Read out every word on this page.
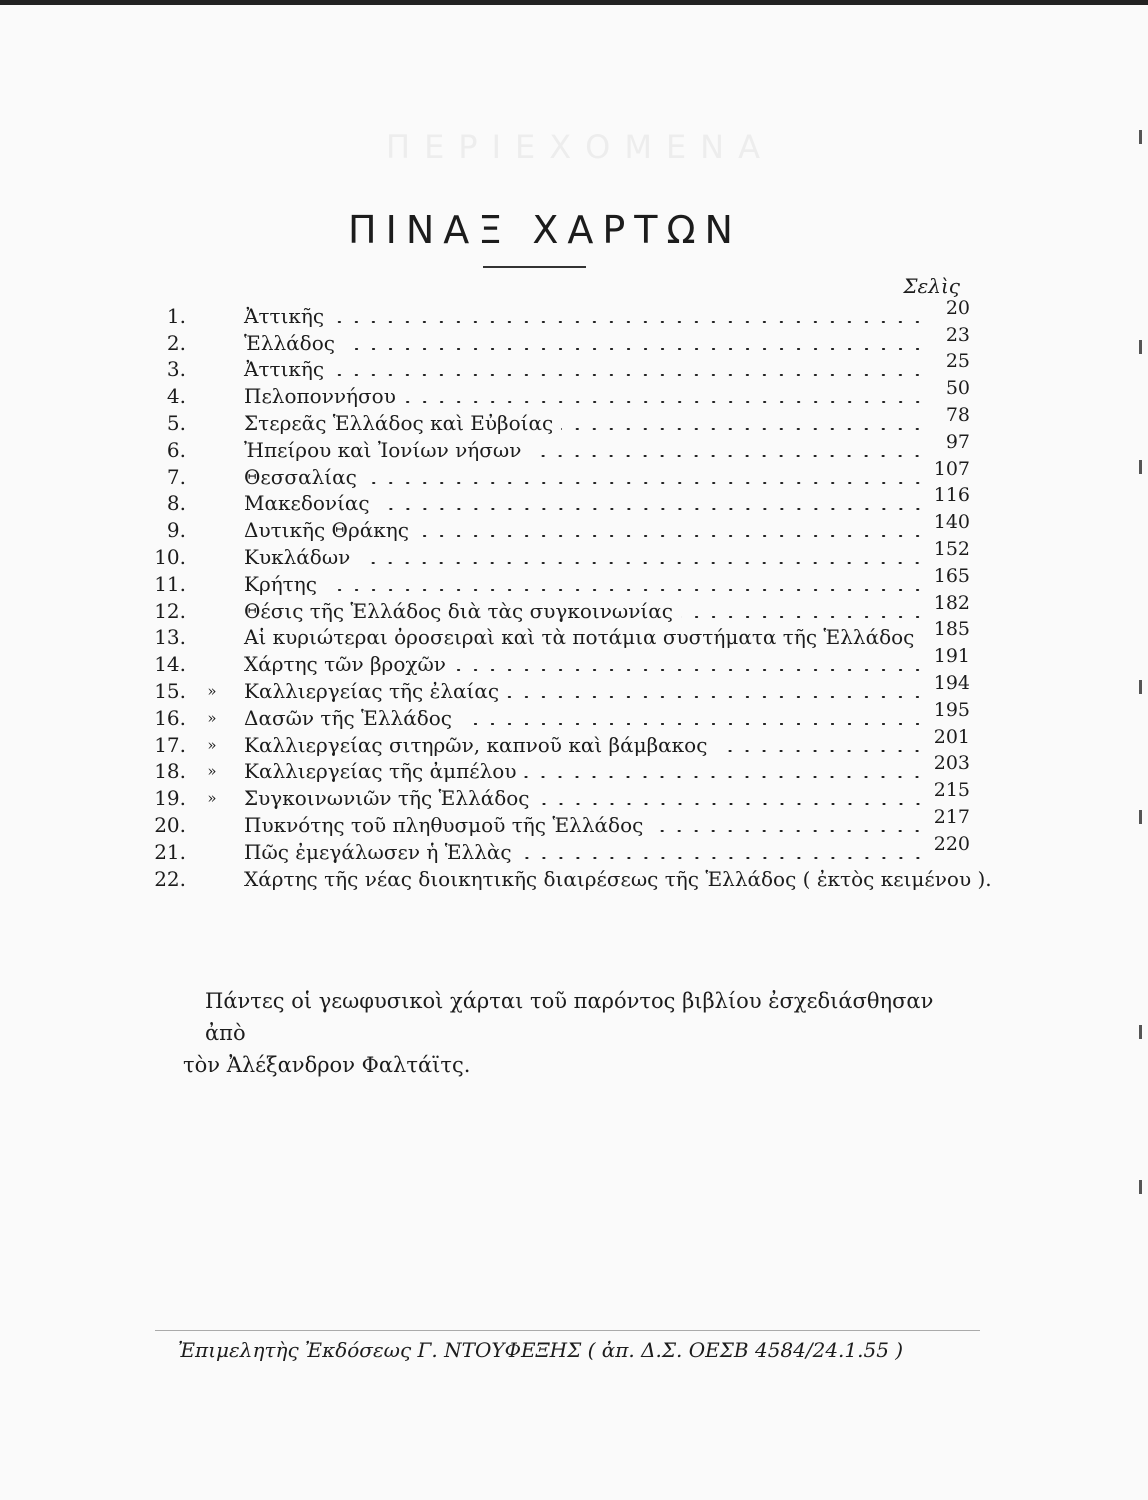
ΠΕΡΙΕΧΟΜΕΝΑ
ΠΙΝΑΞ ΧΑΡΤΩΝ
Σελὶς
1.	Ἀττικῆς	20
2.	Ἑλλάδος	23
3.	Ἀττικῆς	25
4.	Πελοποννήσου	50
5.	Στερεᾶς Ἑλλάδος καὶ Εὐβοίας	78
6.	Ἠπείρου καὶ Ἰονίων νήσων	97
7.	Θεσσαλίας	107
8.	Μακεδονίας	116
9.	Δυτικῆς Θράκης	140
10.	Κυκλάδων	152
11.	Κρήτης	165
12.	Θέσις τῆς Ἑλλάδος διὰ τὰς συγκοινωνίας	182
13.	Αἱ κυριώτεραι ὀροσειραὶ καὶ τὰ ποτάμια συστήματα τῆς Ἑλλάδος 185
14.	Χάρτης τῶν βροχῶν	191
15.	»	Καλλιεργείας τῆς ἐλαίας	194
16.	»	Δασῶν τῆς Ἑλλάδος	195
17.	»	Καλλιεργείας σιτηρῶν, καπνοῦ καὶ βάμβακος	201
18.	»	Καλλιεργείας τῆς ἀμπέλου	203
19.	»	Συγκοινωνιῶν τῆς Ἑλλάδος	215
20.	Πυκνότης τοῦ πληθυσμοῦ τῆς Ἑλλάδος	217
21.	Πῶς ἐμεγάλωσεν ἡ Ἑλλὰς	220
22.	Χάρτης τῆς νέας διοικητικῆς διαιρέσεως τῆς Ἑλλάδος ( ἐκτὸς κειμένου ).

Πάντες οἱ γεωφυσικοὶ χάρται τοῦ παρόντος βιβλίου ἐσχεδιάσθησαν ἀπὸ
τὸν Ἀλέξανδρον Φαλτάϊτς.

Ἐπιμελητὴς Ἐκδόσεως Γ. ΝΤΟΥΦΕΞΗΣ ( ἀπ. Δ.Σ. ΟΕΣΒ 4584/24.1.55 )
